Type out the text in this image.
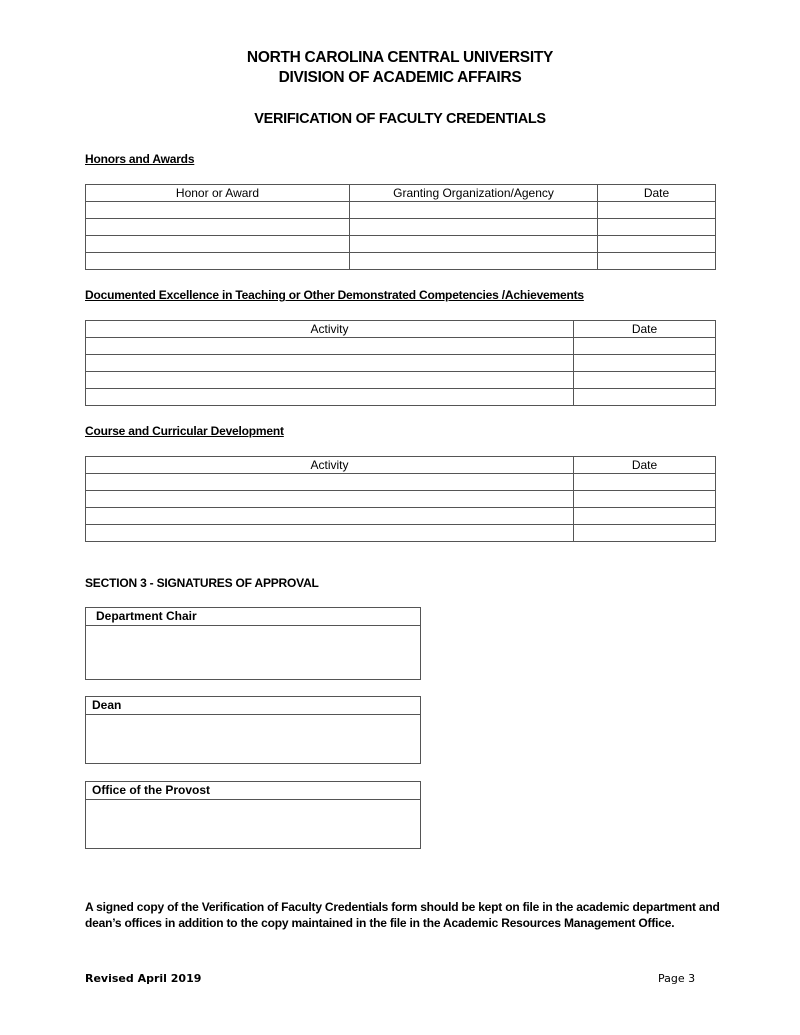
NORTH CAROLINA CENTRAL UNIVERSITY
DIVISION OF ACADEMIC AFFAIRS
VERIFICATION OF FACULTY CREDENTIALS
Honors and Awards
Honor or Award	Granting Organization/Agency	Date

Documented Excellence in Teaching or Other Demonstrated Competencies /Achievements
Activity	Date

Course and Curricular Development
Activity	Date

SECTION 3 - SIGNATURES OF APPROVAL
Department Chair
Dean
Office of the Provost
A signed copy of the Verification of Faculty Credentials form should be kept on file in the academic department and dean’s offices in addition to the copy maintained in the file in the Academic Resources Management Office.
Revised April 2019	Page 3
